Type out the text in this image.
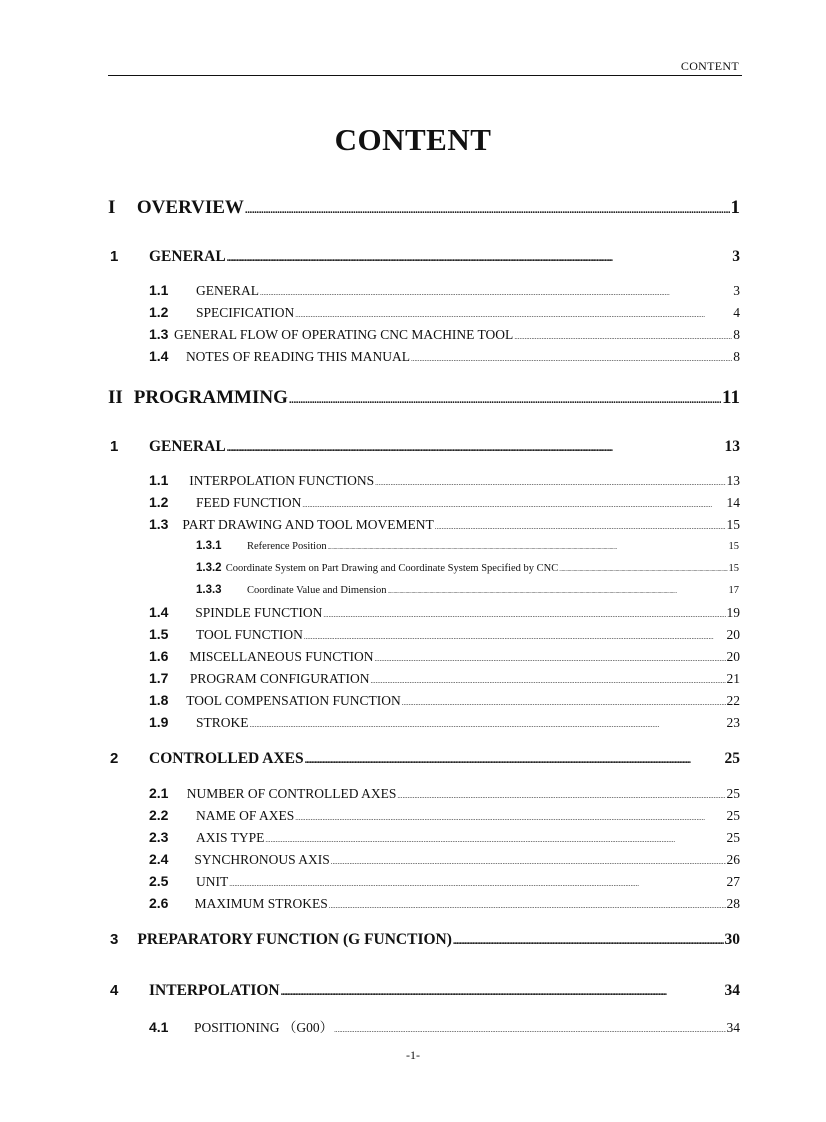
CONTENT
CONTENT
I	OVERVIEW . . .	1
1	GENERAL . . .	3
1.1	GENERAL . . .	3
1.2	SPECIFICATION . . .	4
1.3 GENERAL FLOW OF OPERATING CNC MACHINE TOOL . . .	8
1.4	NOTES OF READING THIS MANUAL . . .	8
II PROGRAMMING . . .	11
1	GENERAL . . .	13
1.1	INTERPOLATION FUNCTIONS . . .	13
1.2	FEED FUNCTION . . .	14
1.3	PART DRAWING AND TOOL MOVEMENT . . .	15
1.3.1	Reference Position . . .	15
1.3.2 Coordinate System on Part Drawing and Coordinate System Specified by CNC . . .	15
1.3.3	Coordinate Value and Dimension . . .	17
1.4	SPINDLE FUNCTION . . .	19
1.5	TOOL FUNCTION . . .	20
1.6	MISCELLANEOUS FUNCTION . . .	20
1.7	PROGRAM CONFIGURATION . . .	21
1.8	TOOL COMPENSATION FUNCTION . . .	22
1.9	STROKE . . .	23
2	CONTROLLED AXES . . .	25
2.1	NUMBER OF CONTROLLED AXES . . .	25
2.2	NAME OF AXES . . .	25
2.3	AXIS TYPE . . .	25
2.4	SYNCHRONOUS AXIS . . .	26
2.5	UNIT . . .	27
2.6	MAXIMUM STROKES . . .	28
3	PREPARATORY FUNCTION (G FUNCTION) . . .	30
4	INTERPOLATION . . .	34
4.1	POSITIONING （G00） . . .	34
-1-
